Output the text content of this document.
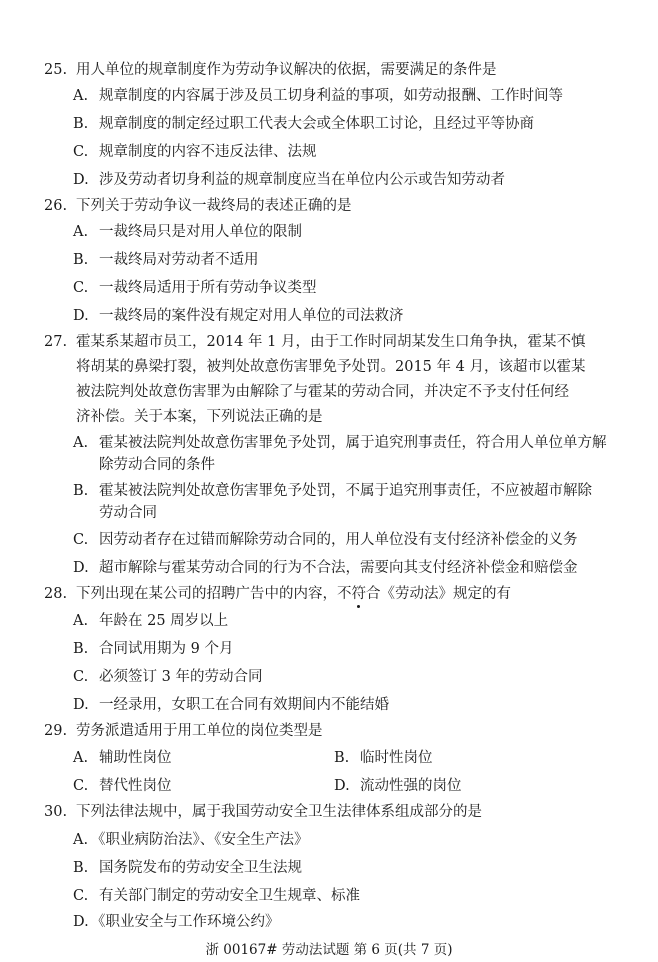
25. 用人单位的规章制度作为劳动争议解决的依据，需要满足的条件是
A. 规章制度的内容属于涉及员工切身利益的事项，如劳动报酬、工作时间等
B. 规章制度的制定经过职工代表大会或全体职工讨论，且经过平等协商
C. 规章制度的内容不违反法律、法规
D. 涉及劳动者切身利益的规章制度应当在单位内公示或告知劳动者
26. 下列关于劳动争议一裁终局的表述正确的是
A. 一裁终局只是对用人单位的限制
B. 一裁终局对劳动者不适用
C. 一裁终局适用于所有劳动争议类型
D. 一裁终局的案件没有规定对用人单位的司法救济
27. 霍某系某超市员工，2014 年 1 月，由于工作时同胡某发生口角争执，霍某不慎
将胡某的鼻梁打裂，被判处故意伤害罪免予处罚。2015 年 4 月，该超市以霍某
被法院判处故意伤害罪为由解除了与霍某的劳动合同，并决定不予支付任何经
济补偿。关于本案，下列说法正确的是
A. 霍某被法院判处故意伤害罪免予处罚，属于追究刑事责任，符合用人单位单方解
除劳动合同的条件
B. 霍某被法院判处故意伤害罪免予处罚，不属于追究刑事责任，不应被超市解除
劳动合同
C. 因劳动者存在过错而解除劳动合同的，用人单位没有支付经济补偿金的义务
D. 超市解除与霍某劳动合同的行为不合法，需要向其支付经济补偿金和赔偿金
28. 下列出现在某公司的招聘广告中的内容，不符合《劳动法》规定的有
A. 年龄在 25 周岁以上
B. 合同试用期为 9 个月
C. 必须签订 3 年的劳动合同
D. 一经录用，女职工在合同有效期间内不能结婚
29. 劳务派遣适用于用工单位的岗位类型是
A. 辅助性岗位	B. 临时性岗位
C. 替代性岗位	D. 流动性强的岗位
30. 下列法律法规中，属于我国劳动安全卫生法律体系组成部分的是
A. 《职业病防治法》、《安全生产法》
B. 国务院发布的劳动安全卫生法规
C. 有关部门制定的劳动安全卫生规章、标准
D. 《职业安全与工作环境公约》
浙 00167# 劳动法试题 第 6 页(共 7 页)
